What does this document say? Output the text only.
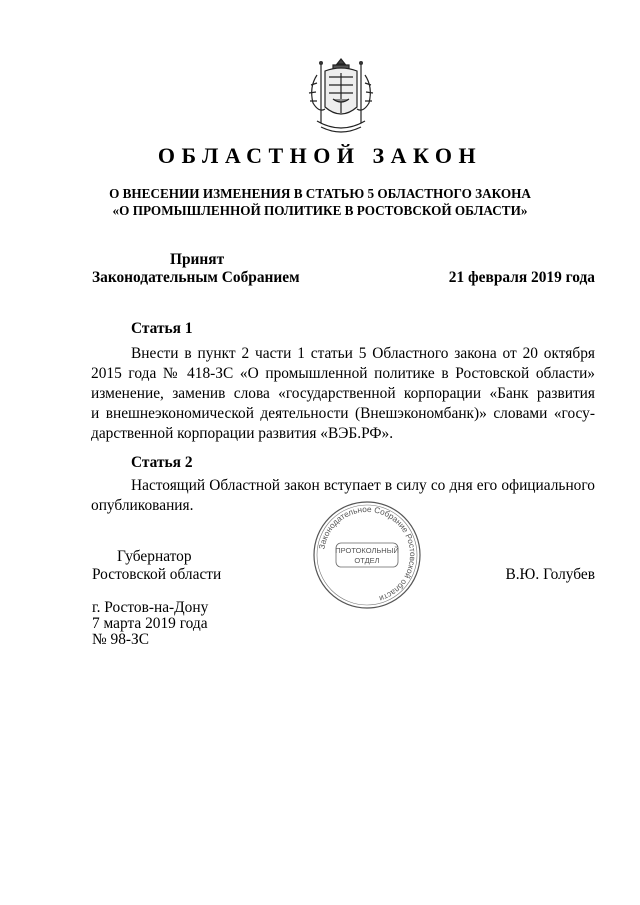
ОБЛАСТНОЙ ЗАКОН
О ВНЕСЕНИИ ИЗМЕНЕНИЯ В СТАТЬЮ 5 ОБЛАСТНОГО ЗАКОНА
«О ПРОМЫШЛЕННОЙ ПОЛИТИКЕ В РОСТОВСКОЙ ОБЛАСТИ»
Принят
Законодательным Собранием	21 февраля 2019 года
Статья 1
Внести в пункт 2 части 1 статьи 5 Областного закона от 20 октября
2015 года № 418-ЗС «О промышленной политике в Ростовской области»
изменение, заменив слова «государственной корпорации «Банк развития
и внешнеэкономической деятельности (Внешэкономбанк)» словами «госу-
дарственной корпорации развития «ВЭБ.РФ».
Статья 2
Настоящий Областной закон вступает в силу со дня его официального
опубликования.
Законодательное Собрание Ростовской области
ПРОТОКОЛЬНЫЙ
ОТДЕЛ
Губернатор
Ростовской области	В.Ю. Голубев
г. Ростов-на-Дону
7 марта 2019 года
№ 98-ЗС
